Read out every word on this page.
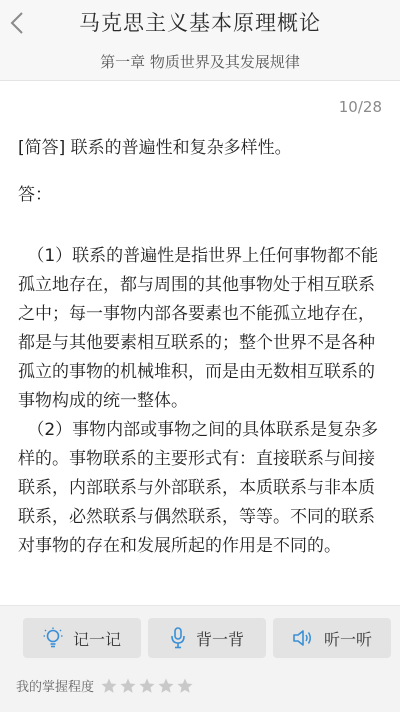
马克思主义基本原理概论
第一章 物质世界及其发展规律
10/28
[简答] 联系的普遍性和复杂多样性。
答：

（1）联系的普遍性是指世界上任何事物都不能孤立地存在，都与周围的其他事物处于相互联系之中；每一事物内部各要素也不能孤立地存在，都是与其他要素相互联系的；整个世界不是各种孤立的事物的机械堆积，而是由无数相互联系的事物构成的统一整体。

（2）事物内部或事物之间的具体联系是复杂多样的。事物联系的主要形式有：直接联系与间接联系，内部联系与外部联系，本质联系与非本质联系，必然联系与偶然联系，等等。不同的联系对事物的存在和发展所起的作用是不同的。

记一记	背一背	听一听
我的掌握程度
